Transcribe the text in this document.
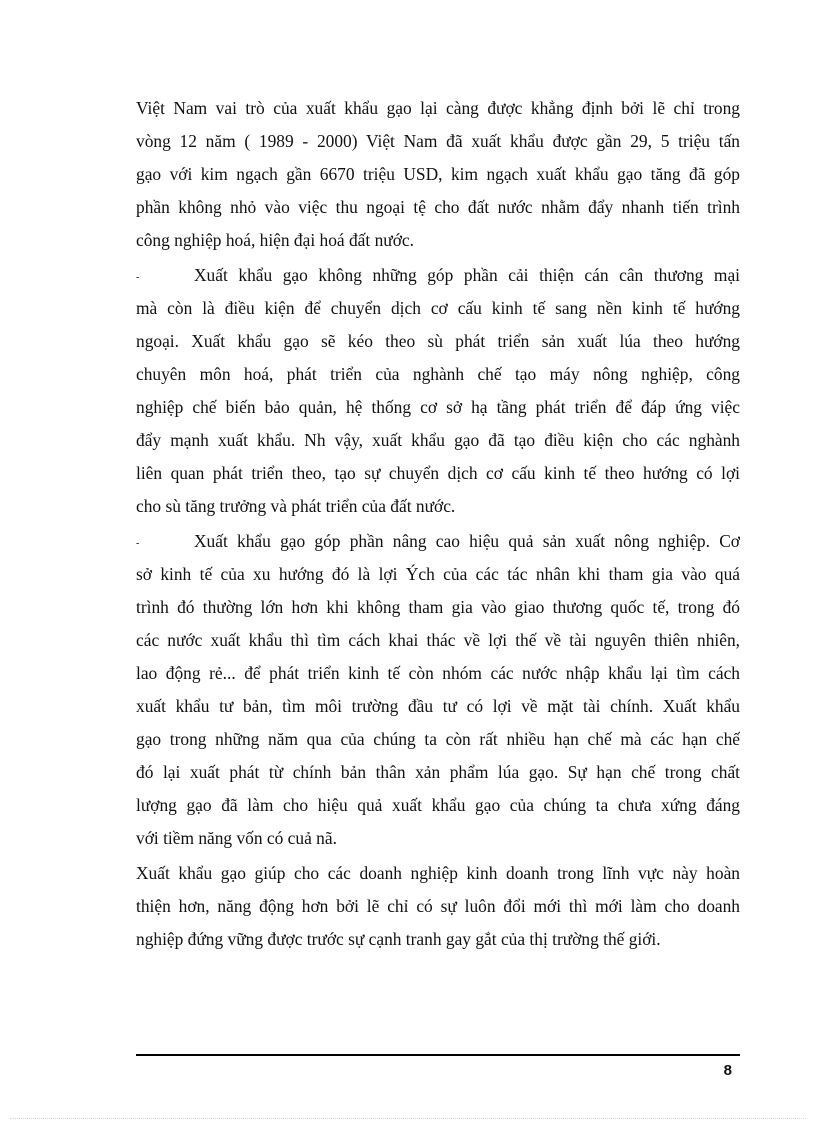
Việt Nam vai trò của xuất khẩu gạo lại càng được khẳng định bởi lẽ chỉ trong
vòng 12 năm ( 1989 - 2000) Việt Nam đã xuất khẩu được gần 29, 5 triệu tấn
gạo với kim ngạch gần 6670 triệu USD, kim ngạch xuất khẩu gạo tăng đã góp
phần không nhỏ vào việc thu ngoại tệ cho đất nước nhằm đẩy nhanh tiến trình
công nghiệp hoá, hiện đại hoá đất nước.
-	Xuất khẩu gạo không những góp phần cải thiện cán cân thương mại
mà còn là điều kiện để chuyển dịch cơ cấu kinh tế sang nền kinh tế hướng
ngoại. Xuất khẩu gạo sẽ kéo theo sù phát triển sản xuất lúa theo hướng
chuyên môn hoá, phát triển của nghành chế tạo máy nông nghiệp, công
nghiệp chế biến bảo quản, hệ thống cơ sở hạ tầng phát triển để đáp ứng việc
đẩy mạnh xuất khẩu. Nh vậy, xuất khẩu gạo đã tạo điều kiện cho các nghành
liên quan phát triển theo, tạo sự chuyển dịch cơ cấu kinh tế theo hướng có lợi
cho sù tăng trưởng và phát triển của đất nước.
-	Xuất khẩu gạo góp phần nâng cao hiệu quả sản xuất nông nghiệp. Cơ
sở kinh tế của xu hướng đó là lợi Ých của các tác nhân khi tham gia vào quá
trình đó thường lớn hơn khi không tham gia vào giao thương quốc tế, trong đó
các nước xuất khẩu thì tìm cách khai thác về lợi thế về tài nguyên thiên nhiên,
lao động rẻ... để phát triển kinh tế còn nhóm các nước nhập khẩu lại tìm cách
xuất khẩu tư bản, tìm môi trường đầu tư có lợi về mặt tài chính. Xuất khẩu
gạo trong những năm qua của chúng ta còn rất nhiều hạn chế mà các hạn chế
đó lại xuất phát từ chính bản thân xản phẩm lúa gạo. Sự hạn chế trong chất
lượng gạo đã làm cho hiệu quả xuất khẩu gạo của chúng ta chưa xứng đáng
với tiềm năng vốn có cuả nã.
Xuất khẩu gạo giúp cho các doanh nghiệp kinh doanh trong lĩnh vực này hoàn
thiện hơn, năng động hơn bởi lẽ chỉ có sự luôn đổi mới thì mới làm cho doanh
nghiệp đứng vững được trước sự cạnh tranh gay gắt của thị trường thế giới.
8
